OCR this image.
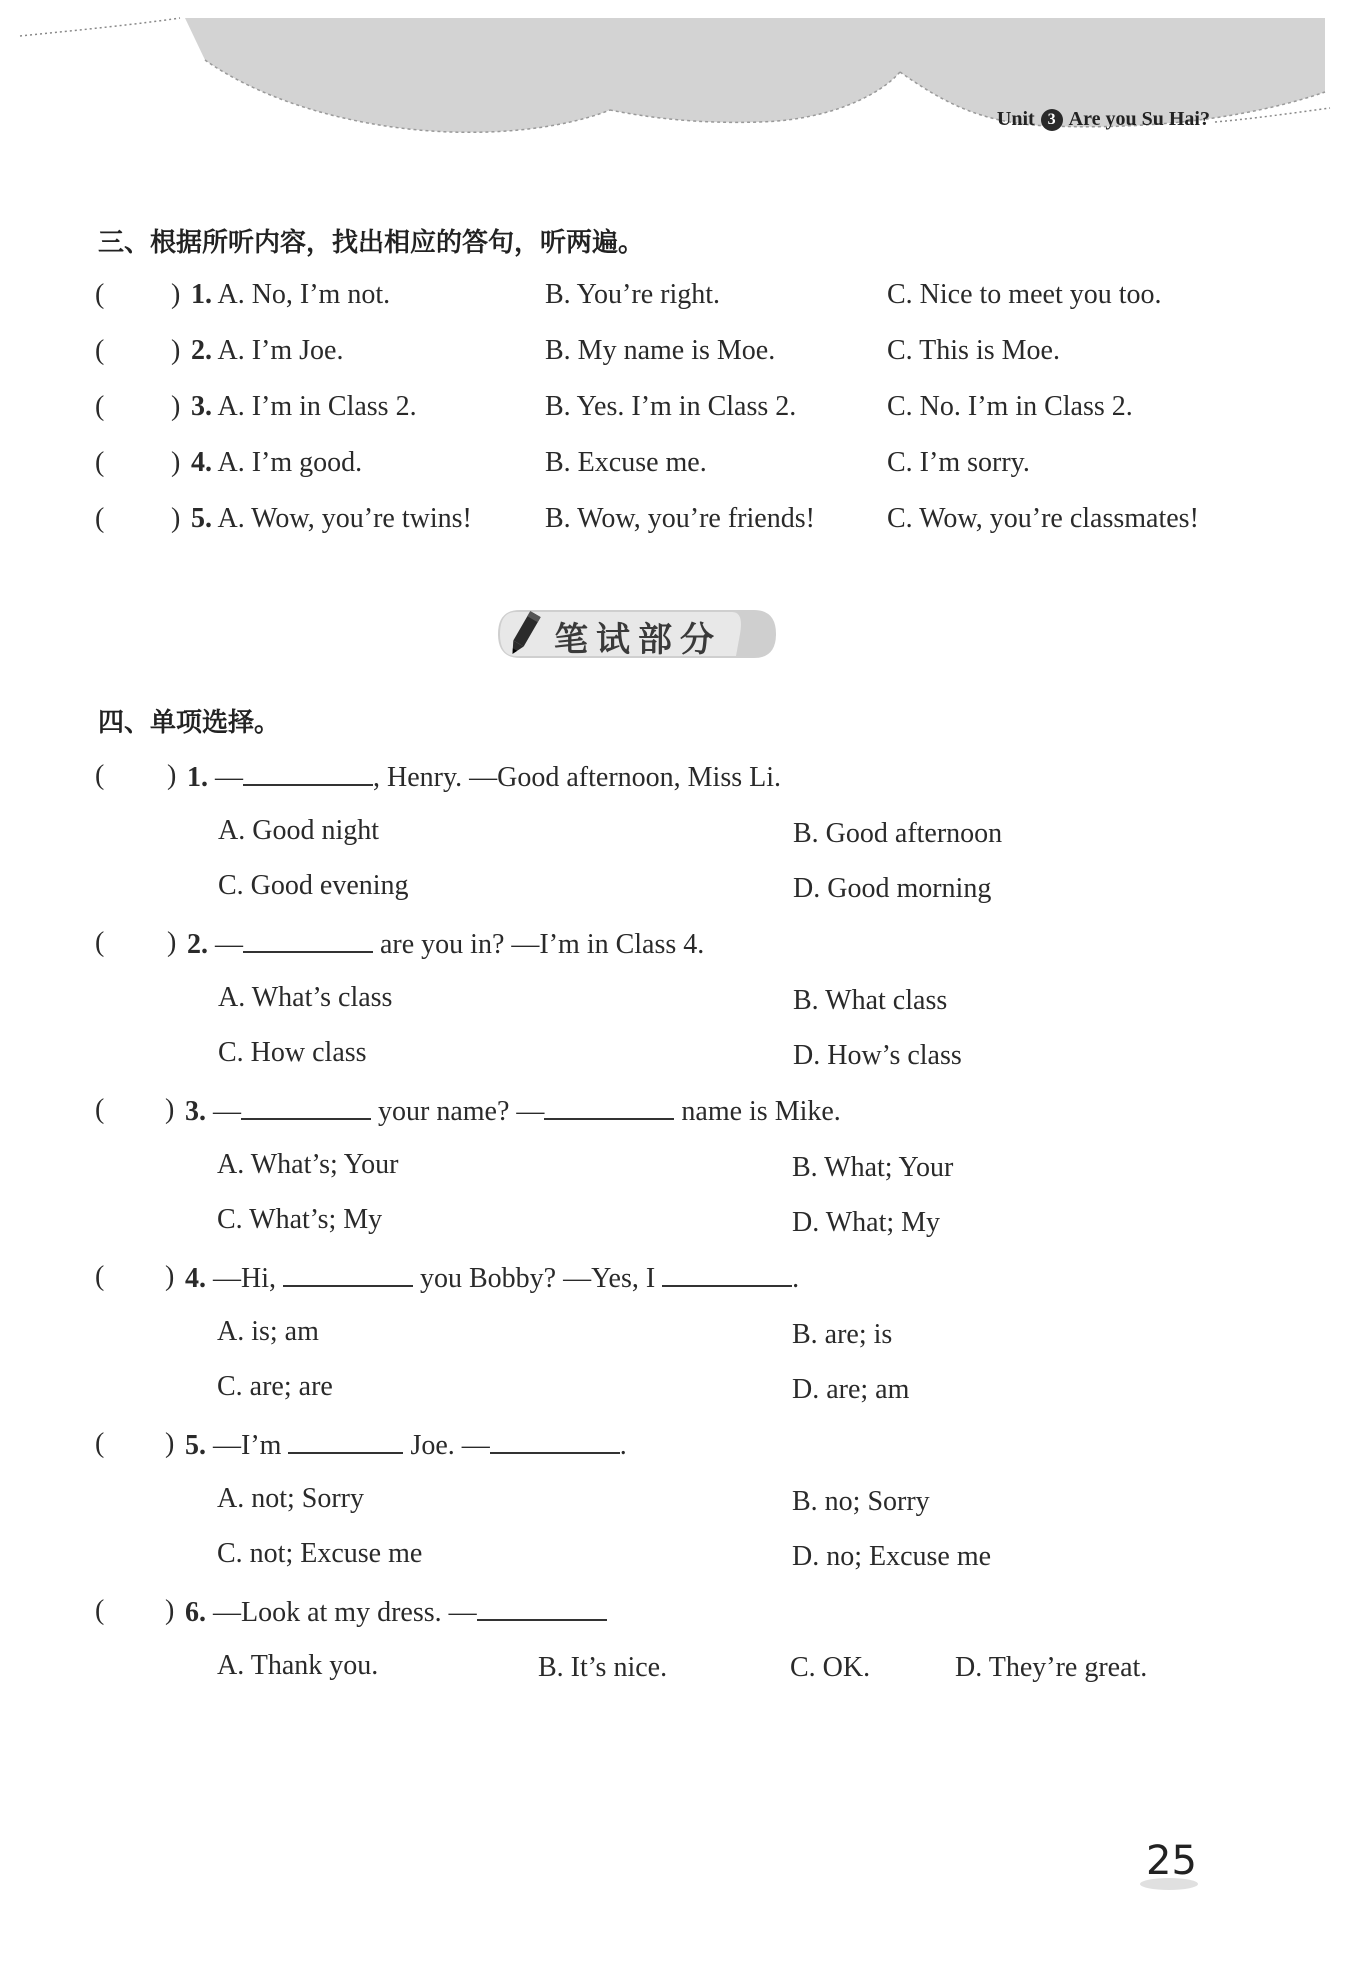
Unit 3 Are you Su Hai?
三、根据所听内容，找出相应的答句，听两遍。
( ) 1. A. No, I’m not.	B. You’re right.	C. Nice to meet you too.
( ) 2. A. I’m Joe.	B. My name is Moe.	C. This is Moe.
( ) 3. A. I’m in Class 2.	B. Yes. I’m in Class 2.	C. No. I’m in Class 2.
( ) 4. A. I’m good.	B. Excuse me.	C. I’m sorry.
( ) 5. A. Wow, you’re twins!	B. Wow, you’re friends!	C. Wow, you’re classmates!
笔试部分
四、单项选择。
( ) 1. —	, Henry. —Good afternoon, Miss Li.
A. Good night	B. Good afternoon
C. Good evening	D. Good morning
( ) 2. —	are you in? —I’m in Class 4.
A. What’s class	B. What class
C. How class	D. How’s class
( ) 3. —	your name? —	name is Mike.
A. What’s; Your	B. What; Your
C. What’s; My	D. What; My
( ) 4. —Hi,	you Bobby? —Yes, I	.
A. is; am	B. are; is
C. are; are	D. are; am
( ) 5. —I’m	Joe. —	.
A. not; Sorry	B. no; Sorry
C. not; Excuse me	D. no; Excuse me
( ) 6. —Look at my dress. —
A. Thank you.	B. It’s nice.	C. OK.	D. They’re great.
25
